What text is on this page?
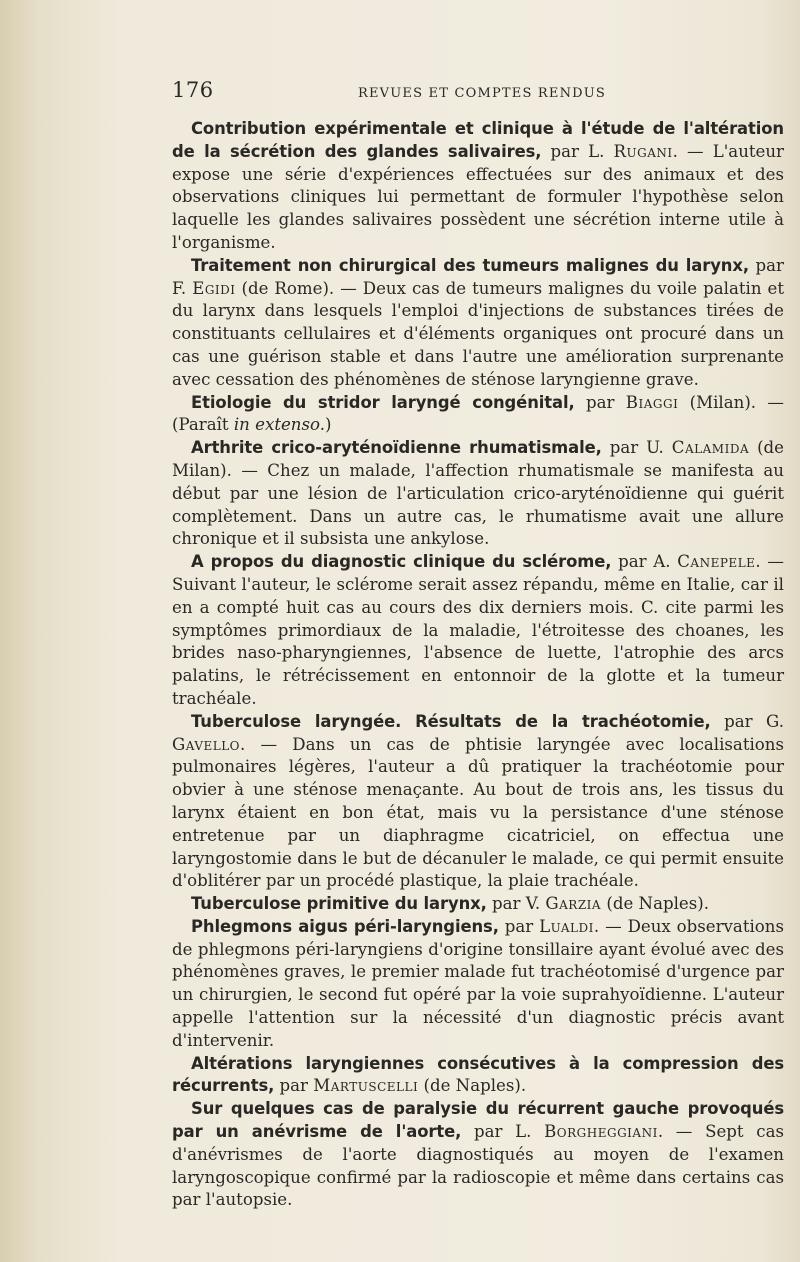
176	REVUES ET COMPTES RENDUS

Contribution expérimentale et clinique à l'étude de l'altération de la sécrétion des glandes salivaires, par L. Rugani. — L'auteur expose une série d'expériences effectuées sur des animaux et des observations cliniques lui permettant de formuler l'hypothèse selon laquelle les glandes salivaires possèdent une sécrétion interne utile à l'organisme.

Traitement non chirurgical des tumeurs malignes du larynx, par F. Egidi (de Rome). — Deux cas de tumeurs malignes du voile palatin et du larynx dans lesquels l'emploi d'injections de substances tirées de constituants cellulaires et d'éléments organiques ont procuré dans un cas une guérison stable et dans l'autre une amélioration surprenante avec cessation des phénomènes de sténose laryngienne grave.

Etiologie du stridor laryngé congénital, par Biaggi (Milan). — (Paraît in extenso.)

Arthrite crico-aryténoïdienne rhumatismale, par U. Calamida (de Milan). — Chez un malade, l'affection rhumatismale se manifesta au début par une lésion de l'articulation crico-aryténoïdienne qui guérit complètement. Dans un autre cas, le rhumatisme avait une allure chronique et il subsista une ankylose.

A propos du diagnostic clinique du sclérome, par A. Canepele. — Suivant l'auteur, le sclérome serait assez répandu, même en Italie, car il en a compté huit cas au cours des dix derniers mois. C. cite parmi les symptômes primordiaux de la maladie, l'étroitesse des choanes, les brides naso-pharyngiennes, l'absence de luette, l'atrophie des arcs palatins, le rétrécissement en entonnoir de la glotte et la tumeur trachéale.

Tuberculose laryngée. Résultats de la trachéotomie, par G. Gavello. — Dans un cas de phtisie laryngée avec localisations pulmonaires légères, l'auteur a dû pratiquer la trachéotomie pour obvier à une sténose menaçante. Au bout de trois ans, les tissus du larynx étaient en bon état, mais vu la persistance d'une sténose entretenue par un diaphragme cicatriciel, on effectua une laryngostomie dans le but de décanuler le malade, ce qui permit ensuite d'oblitérer par un procédé plastique, la plaie trachéale.

Tuberculose primitive du larynx, par V. Garzia (de Naples).

Phlegmons aigus péri-laryngiens, par Lualdi. — Deux observations de phlegmons péri-laryngiens d'origine tonsillaire ayant évolué avec des phénomènes graves, le premier malade fut trachéotomisé d'urgence par un chirurgien, le second fut opéré par la voie suprahyoïdienne. L'auteur appelle l'attention sur la nécessité d'un diagnostic précis avant d'intervenir.

Altérations laryngiennes consécutives à la compression des récurrents, par Martuscelli (de Naples).

Sur quelques cas de paralysie du récurrent gauche provoqués par un anévrisme de l'aorte, par L. Borgheggiani. — Sept cas d'anévrismes de l'aorte diagnostiqués au moyen de l'examen laryngoscopique confirmé par la radioscopie et même dans certains cas par l'autopsie.
